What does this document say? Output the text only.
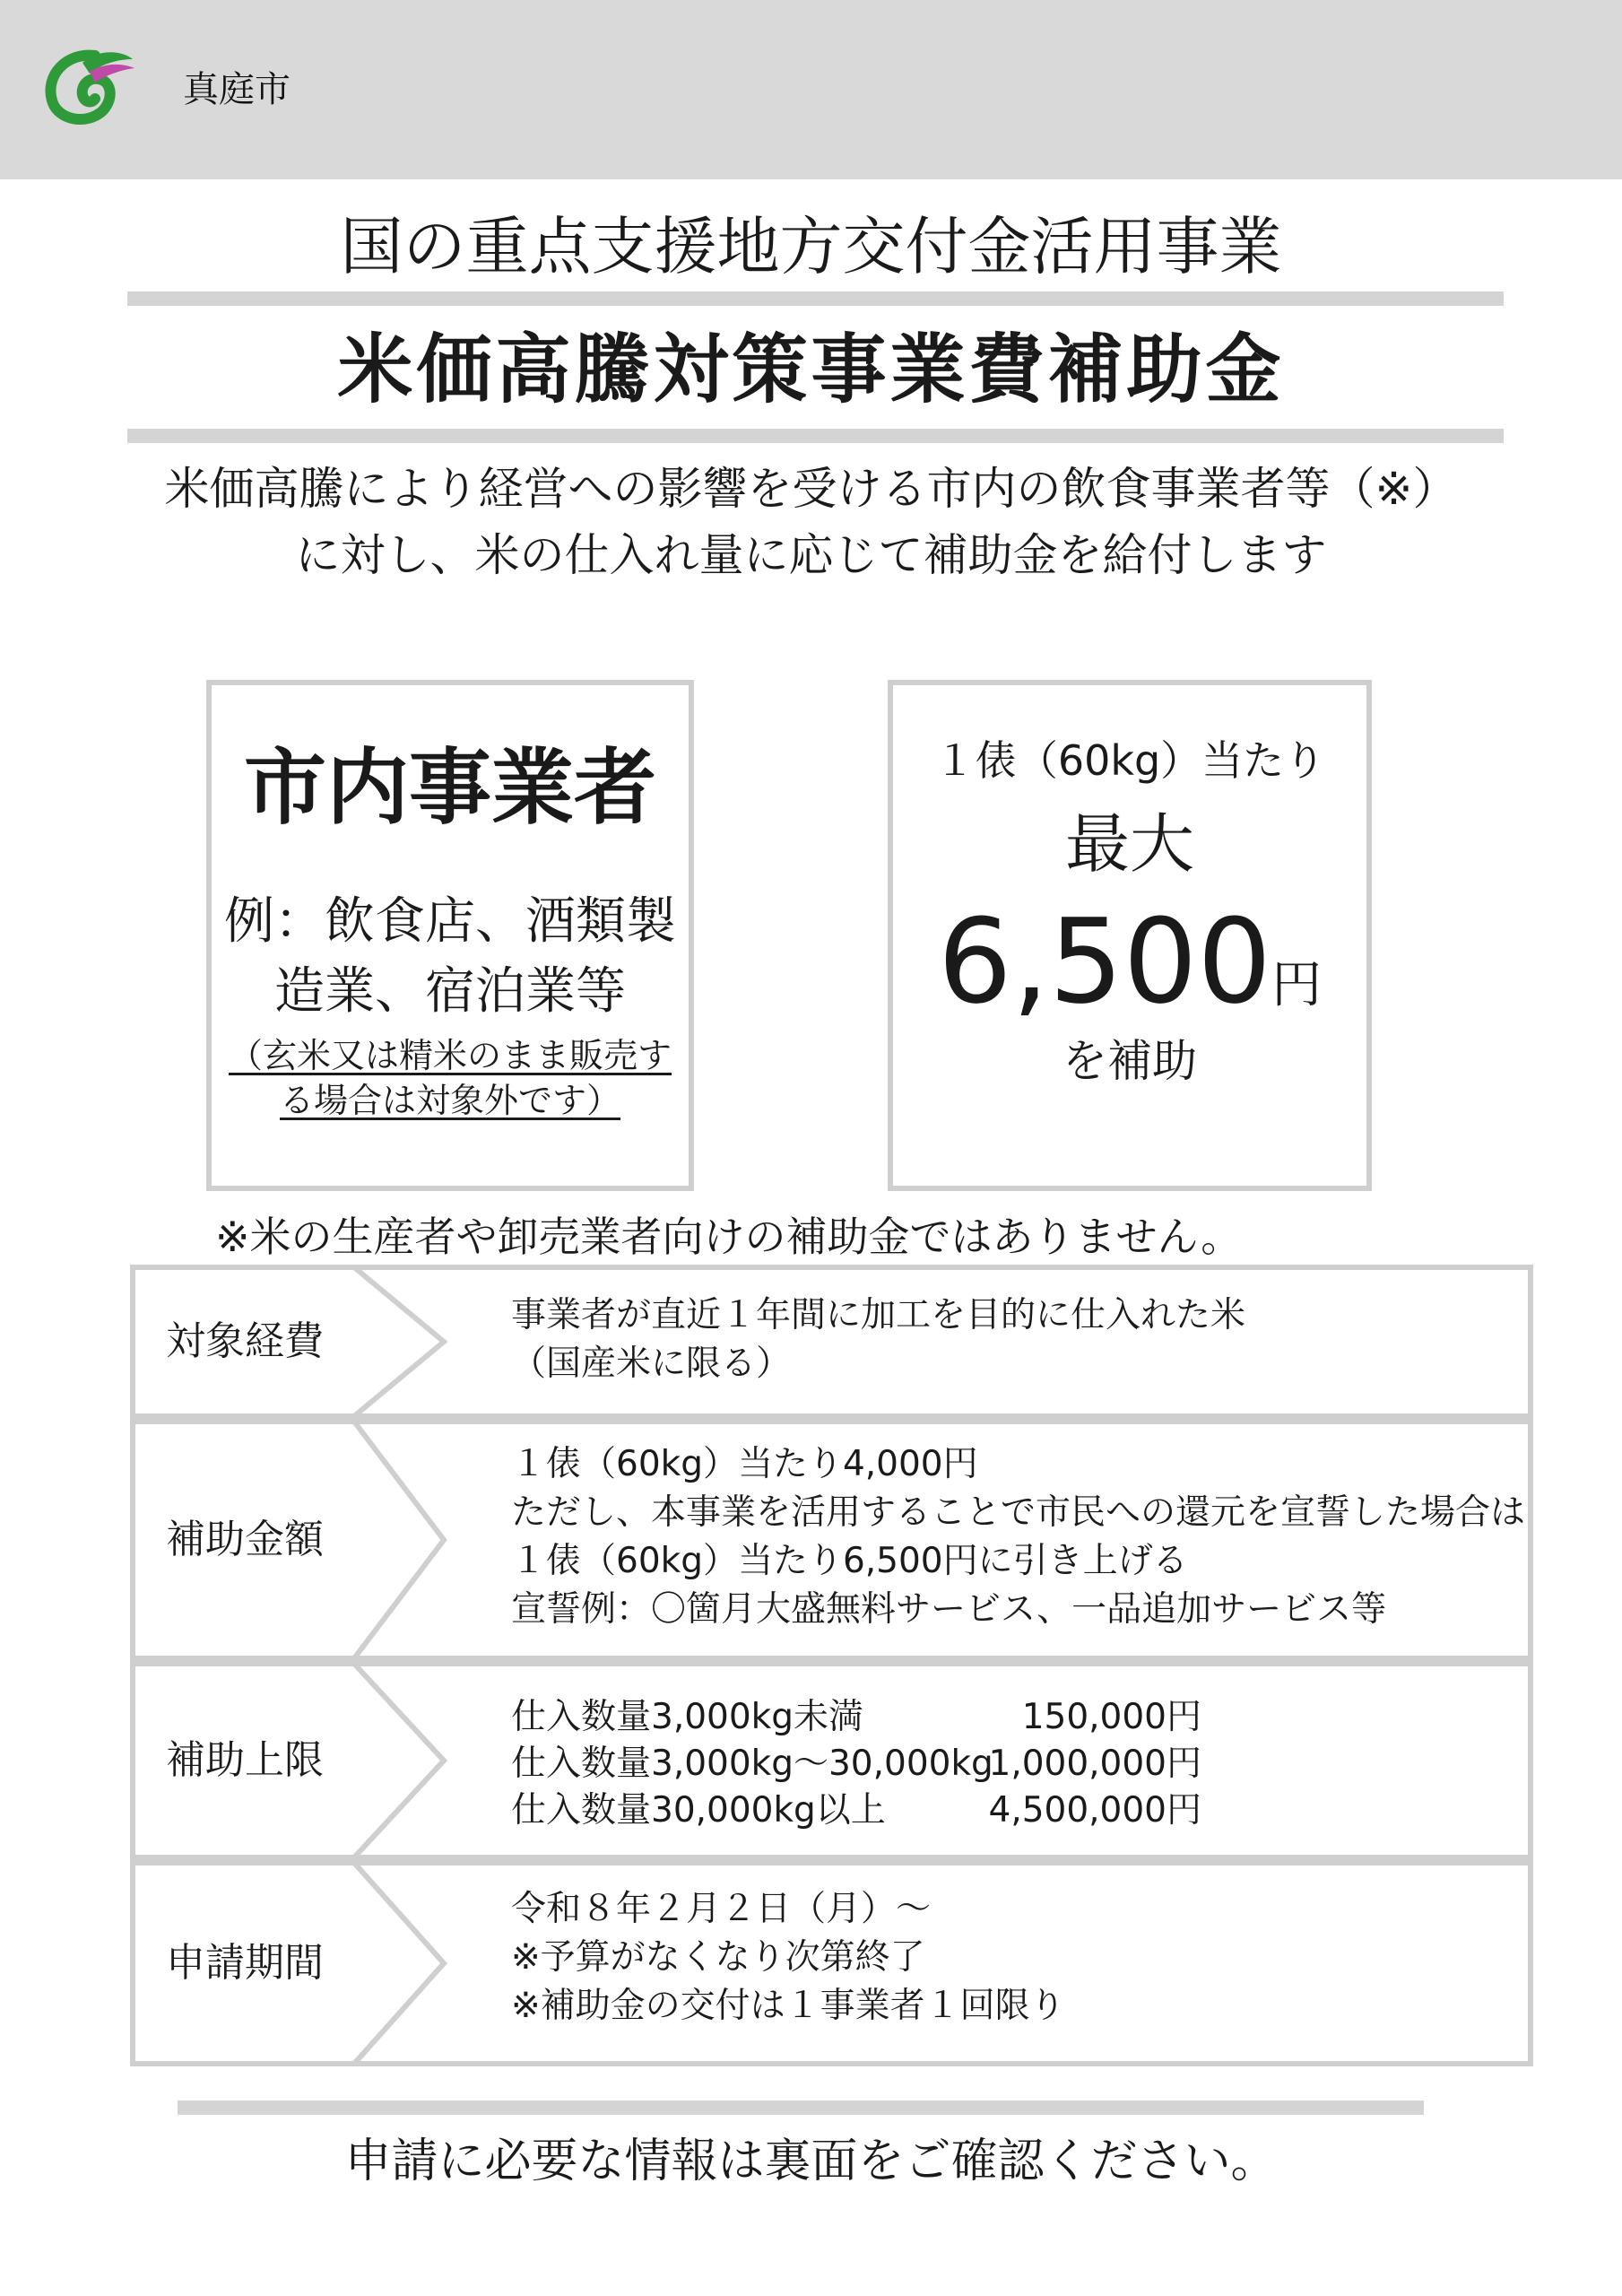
真庭市
国の重点支援地方交付金活用事業
米価高騰対策事業費補助金
米価高騰により経営への影響を受ける市内の飲食事業者等（※）
に対し、米の仕入れ量に応じて補助金を給付します
市内事業者
例：飲食店、酒類製
造業、宿泊業等
（玄米又は精米のまま販売す
る場合は対象外です）
１俵（60kg）当たり
最大
6,500円
を補助
※米の生産者や卸売業者向けの補助金ではありません。
対象経費
事業者が直近１年間に加工を目的に仕入れた米
（国産米に限る）
補助金額
１俵（60kg）当たり4,000円
ただし、本事業を活用することで市民への還元を宣誓した場合は
１俵（60kg）当たり6,500円に引き上げる
宣誓例：〇箇月大盛無料サービス、一品追加サービス等
補助上限
仕入数量3,000kg未満	150,000円
仕入数量3,000kg～30,000kg
1,000,000円
仕入数量30,000kg以上	4,500,000円
申請期間
令和８年２月２日（月）～
※予算がなくなり次第終了
※補助金の交付は１事業者１回限り
申請に必要な情報は裏面をご確認ください。
